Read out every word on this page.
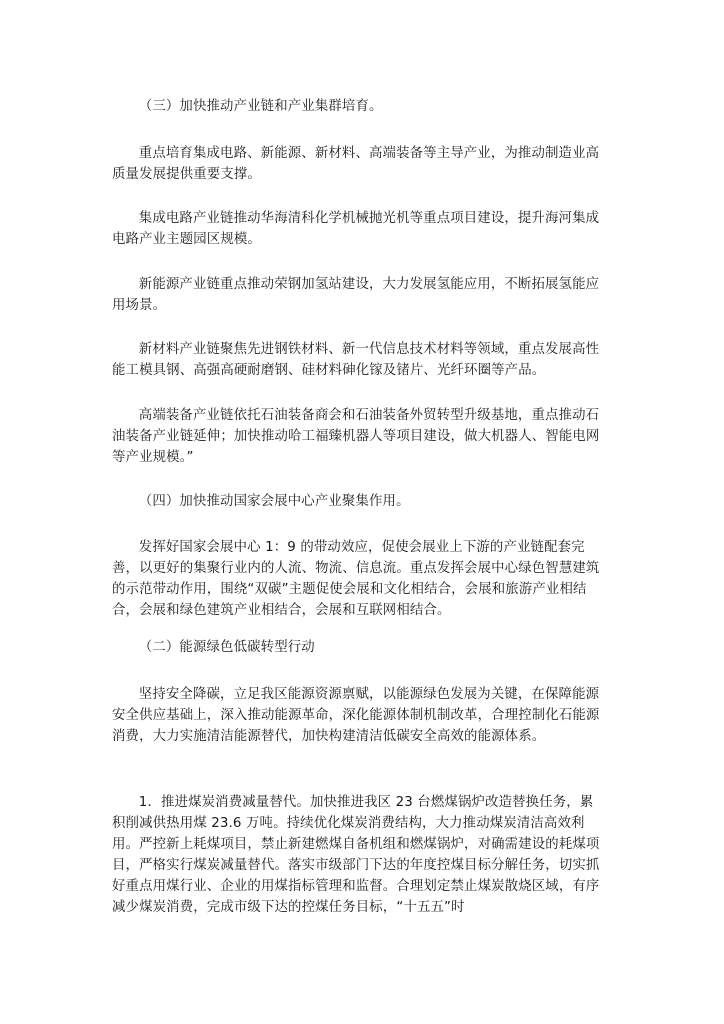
（三）加快推动产业链和产业集群培育。

重点培育集成电路、新能源、新材料、高端装备等主导产业，为推动制造业高质量发展提供重要支撑。

集成电路产业链推动华海清科化学机械抛光机等重点项目建设，提升海河集成电路产业主题园区规模。

新能源产业链重点推动荣钢加氢站建设，大力发展氢能应用，不断拓展氢能应用场景。

新材料产业链聚焦先进钢铁材料、新一代信息技术材料等领域，重点发展高性能工模具钢、高强高硬耐磨钢、硅材料砷化镓及锗片、光纤环圈等产品。

高端装备产业链依托石油装备商会和石油装备外贸转型升级基地，重点推动石油装备产业链延伸；加快推动哈工福臻机器人等项目建设，做大机器人、智能电网等产业规模。”

（四）加快推动国家会展中心产业聚集作用。

发挥好国家会展中心 1：9 的带动效应，促使会展业上下游的产业链配套完善，以更好的集聚行业内的人流、物流、信息流。重点发挥会展中心绿色智慧建筑的示范带动作用，围绕“双碳”主题促使会展和文化相结合，会展和旅游产业相结合，会展和绿色建筑产业相结合，会展和互联网相结合。

（二）能源绿色低碳转型行动

坚持安全降碳，立足我区能源资源禀赋，以能源绿色发展为关键，在保障能源安全供应基础上，深入推动能源革命，深化能源体制机制改革，合理控制化石能源消费，大力实施清洁能源替代，加快构建清洁低碳安全高效的能源体系。

1．推进煤炭消费减量替代。加快推进我区 23 台燃煤锅炉改造替换任务，累积削减供热用煤 23.6 万吨。持续优化煤炭消费结构，大力推动煤炭清洁高效利用。严控新上耗煤项目，禁止新建燃煤自备机组和燃煤锅炉，对确需建设的耗煤项目，严格实行煤炭减量替代。落实市级部门下达的年度控煤目标分解任务，切实抓好重点用煤行业、企业的用煤指标管理和监督。合理划定禁止煤炭散烧区域，有序减少煤炭消费，完成市级下达的控煤任务目标，“十五五”时
